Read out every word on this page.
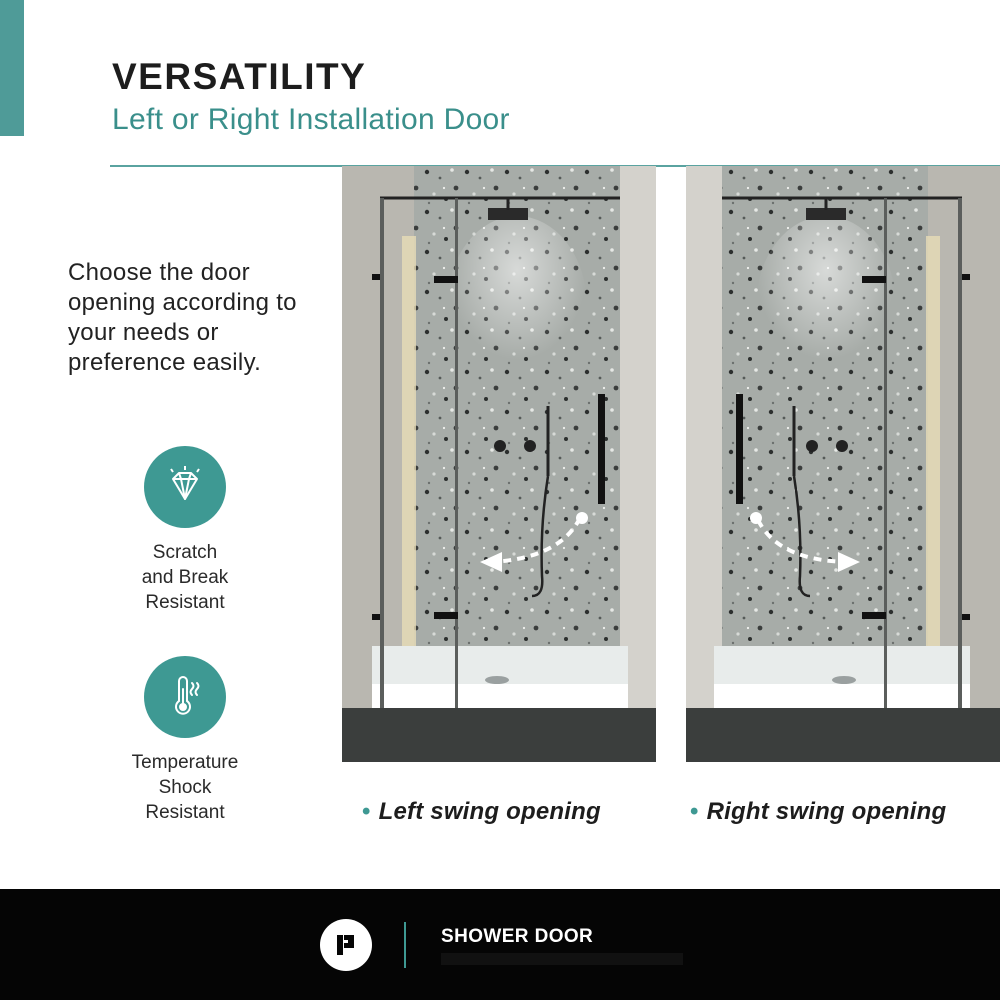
VERSATILITY
Left or Right Installation Door
Choose the door opening according to your needs or preference easily.
Scratch
and Break
Resistant
Temperature
Shock
Resistant	• Left swing opening	• Right swing opening
SHOWER DOOR
